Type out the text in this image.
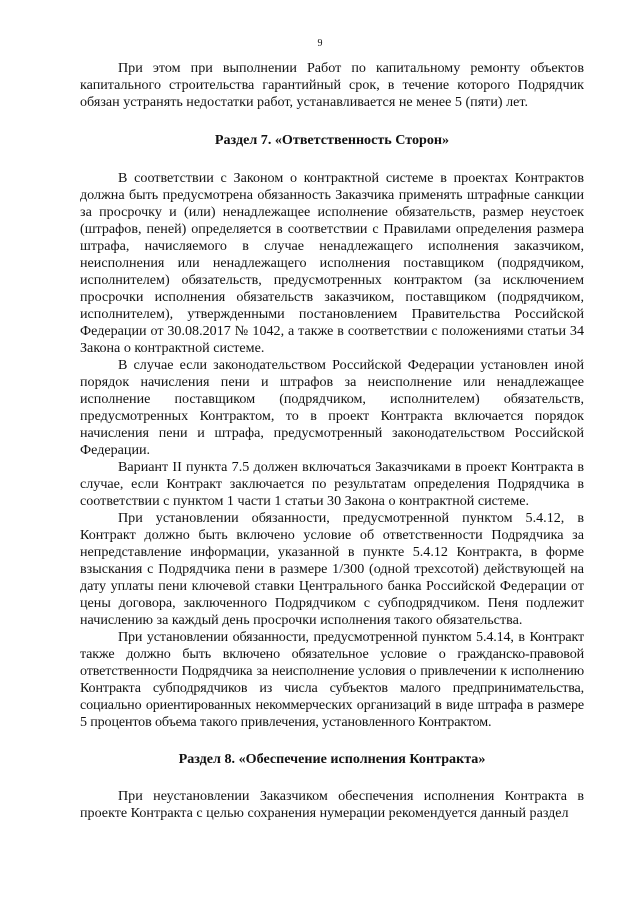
9

При этом при выполнении Работ по капитальному ремонту объектов капитального строительства гарантийный срок, в течение которого Подрядчик обязан устранять недостатки работ, устанавливается не менее 5 (пяти) лет.

Раздел 7. «Ответственность Сторон»

В соответствии с Законом о контрактной системе в проектах Контрактов должна быть предусмотрена обязанность Заказчика применять штрафные санкции за просрочку и (или) ненадлежащее исполнение обязательств, размер неустоек (штрафов, пеней) определяется в соответствии с Правилами определения размера штрафа, начисляемого в случае ненадлежащего исполнения заказчиком, неисполнения или ненадлежащего исполнения поставщиком (подрядчиком, исполнителем) обязательств, предусмотренных контрактом (за исключением просрочки исполнения обязательств заказчиком, поставщиком (подрядчиком, исполнителем), утвержденными постановлением Правительства Российской Федерации от 30.08.2017 № 1042, а также в соответствии с положениями статьи 34 Закона о контрактной системе.

В случае если законодательством Российской Федерации установлен иной порядок начисления пени и штрафов за неисполнение или ненадлежащее исполнение поставщиком (подрядчиком, исполнителем) обязательств, предусмотренных Контрактом, то в проект Контракта включается порядок начисления пени и штрафа, предусмотренный законодательством Российской Федерации.

Вариант II пункта 7.5 должен включаться Заказчиками в проект Контракта в случае, если Контракт заключается по результатам определения Подрядчика в соответствии с пунктом 1 части 1 статьи 30 Закона о контрактной системе.

При установлении обязанности, предусмотренной пунктом 5.4.12, в Контракт должно быть включено условие об ответственности Подрядчика за непредставление информации, указанной в пункте 5.4.12 Контракта, в форме взыскания с Подрядчика пени в размере 1/300 (одной трехсотой) действующей на дату уплаты пени ключевой ставки Центрального банка Российской Федерации от цены договора, заключенного Подрядчиком с субподрядчиком. Пеня подлежит начислению за каждый день просрочки исполнения такого обязательства.

При установлении обязанности, предусмотренной пунктом 5.4.14, в Контракт также должно быть включено обязательное условие о гражданско-правовой ответственности Подрядчика за неисполнение условия о привлечении к исполнению Контракта субподрядчиков из числа субъектов малого предпринимательства, социально ориентированных некоммерческих организаций в виде штрафа в размере 5 процентов объема такого привлечения, установленного Контрактом.

Раздел 8. «Обеспечение исполнения Контракта»

При неустановлении Заказчиком обеспечения исполнения Контракта в проекте Контракта с целью сохранения нумерации рекомендуется данный раздел
